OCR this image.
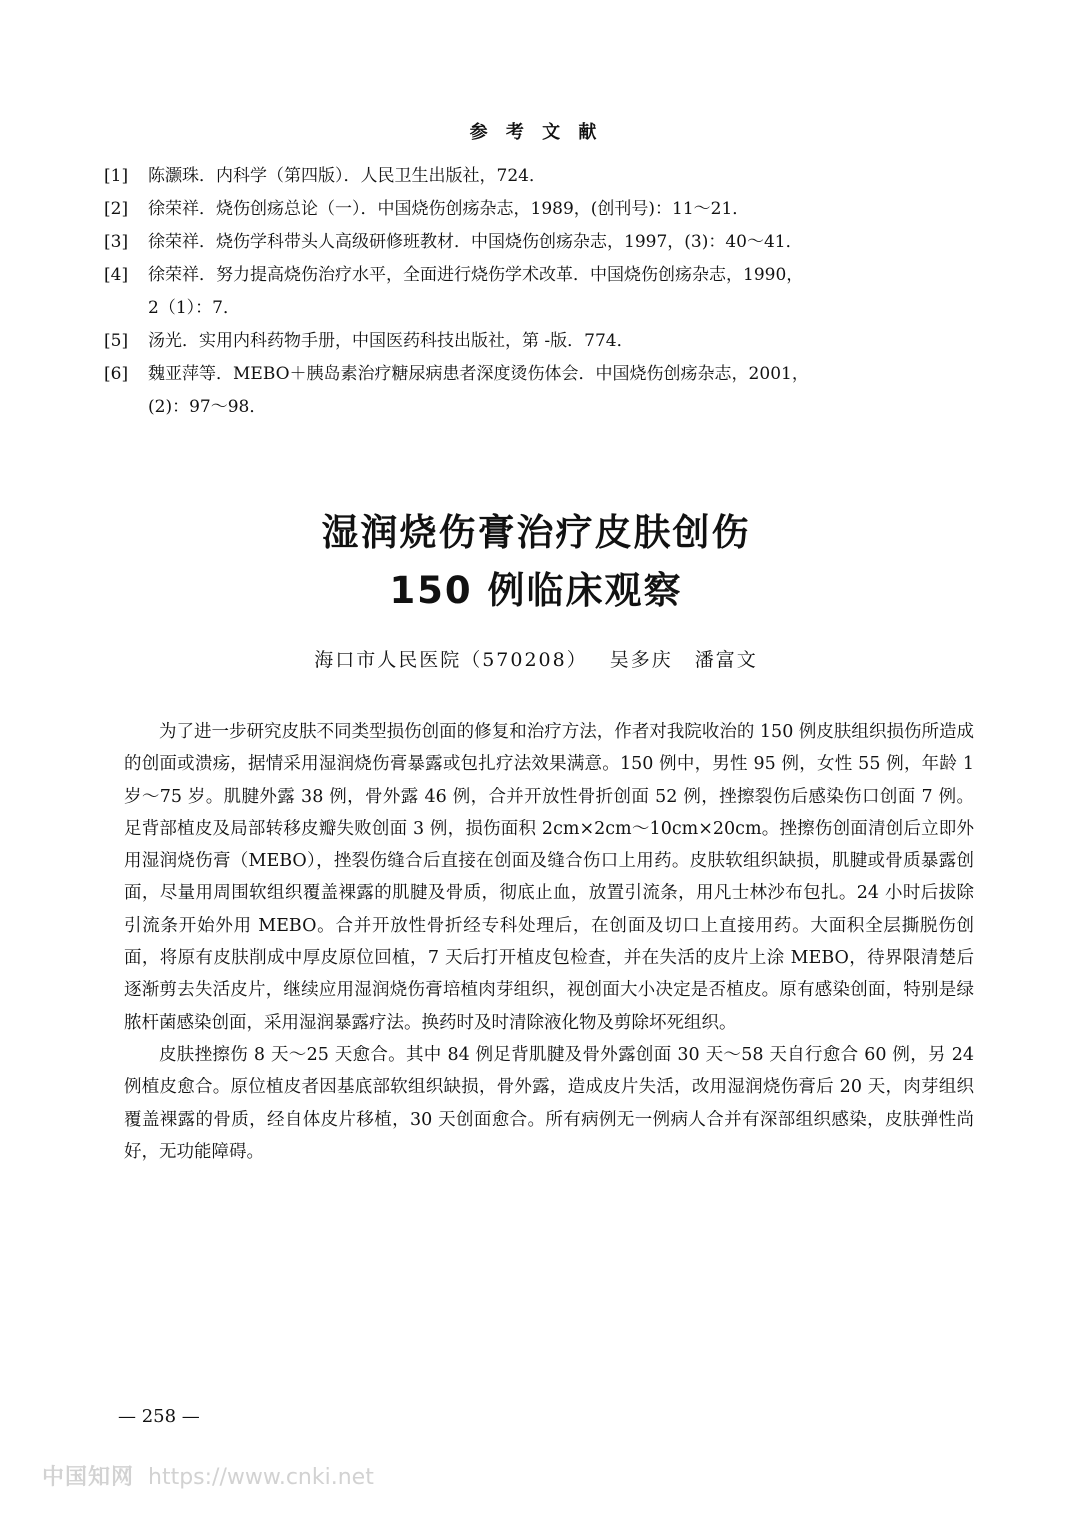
参 考 文 献
[1] 陈灏珠．内科学（第四版）．人民卫生出版社，724．
[2] 徐荣祥．烧伤创疡总论（一）．中国烧伤创疡杂志，1989，(创刊号)：11～21．
[3] 徐荣祥．烧伤学科带头人高级研修班教材．中国烧伤创疡杂志，1997，(3)：40～41．
[4] 徐荣祥．努力提高烧伤治疗水平，全面进行烧伤学术改革．中国烧伤创疡杂志，1990，
2（1）：7．
[5] 汤光．实用内科药物手册，中国医药科技出版社，第 -版．774．
[6] 魏亚萍等．MEBO＋胰岛素治疗糖尿病患者深度烫伤体会．中国烧伤创疡杂志，2001，
(2)：97～98．
湿润烧伤膏治疗皮肤创伤
150 例临床观察
海口市人民医院（570208） 吴多庆 潘富文

为了进一步研究皮肤不同类型损伤创面的修复和治疗方法，作者对我院收治的 150 例皮肤组织损伤所造成的创面或溃疡，据情采用湿润烧伤膏暴露或包扎疗法效果满意。150 例中，男性 95 例，女性 55 例，年龄 1 岁～75 岁。肌腱外露 38 例，骨外露 46 例，合并开放性骨折创面 52 例，挫擦裂伤后感染伤口创面 7 例。足背部植皮及局部转移皮瓣失败创面 3 例，损伤面积 2cm×2cm～10cm×20cm。挫擦伤创面清创后立即外用湿润烧伤膏（MEBO），挫裂伤缝合后直接在创面及缝合伤口上用药。皮肤软组织缺损，肌腱或骨质暴露创面，尽量用周围软组织覆盖裸露的肌腱及骨质，彻底止血，放置引流条，用凡士林沙布包扎。24 小时后拔除引流条开始外用 MEBO。合并开放性骨折经专科处理后，在创面及切口上直接用药。大面积全层撕脱伤创面，将原有皮肤削成中厚皮原位回植，7 天后打开植皮包检查，并在失活的皮片上涂 MEBO，待界限清楚后逐渐剪去失活皮片，继续应用湿润烧伤膏培植肉芽组织，视创面大小决定是否植皮。原有感染创面，特别是绿脓杆菌感染创面，采用湿润暴露疗法。换药时及时清除液化物及剪除坏死组织。

皮肤挫擦伤 8 天～25 天愈合。其中 84 例足背肌腱及骨外露创面 30 天～58 天自行愈合 60 例，另 24 例植皮愈合。原位植皮者因基底部软组织缺损，骨外露，造成皮片失活，改用湿润烧伤膏后 20 天，肉芽组织覆盖裸露的骨质，经自体皮片移植，30 天创面愈合。所有病例无一例病人合并有深部组织感染，皮肤弹性尚好，无功能障碍。

— 258 —
中国知网 https://www.cnki.net
